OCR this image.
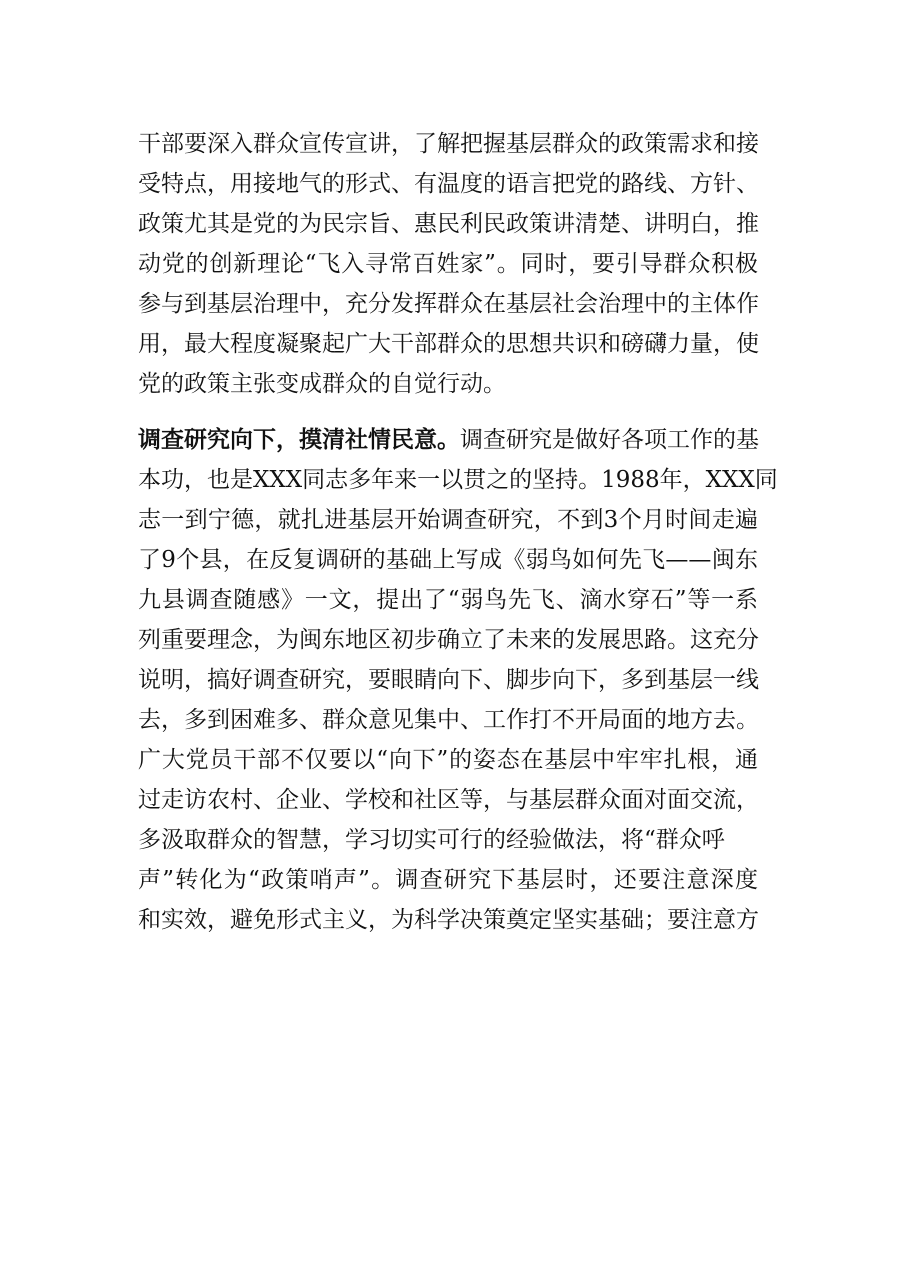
干部要深入群众宣传宣讲，了解把握基层群众的政策需求和接
受特点，用接地气的形式、有温度的语言把党的路线、方针、
政策尤其是党的为民宗旨、惠民利民政策讲清楚、讲明白，推
动党的创新理论“飞入寻常百姓家”。同时，要引导群众积极
参与到基层治理中，充分发挥群众在基层社会治理中的主体作
用，最大程度凝聚起广大干部群众的思想共识和磅礴力量，使
党的政策主张变成群众的自觉行动。
调查研究向下，摸清社情民意。调查研究是做好各项工作的基
本功，也是XXX同志多年来一以贯之的坚持。1988年，XXX同
志一到宁德，就扎进基层开始调查研究，不到3个月时间走遍
了9个县，在反复调研的基础上写成《弱鸟如何先飞——闽东
九县调查随感》一文，提出了“弱鸟先飞、滴水穿石”等一系
列重要理念，为闽东地区初步确立了未来的发展思路。这充分
说明，搞好调查研究，要眼睛向下、脚步向下，多到基层一线
去，多到困难多、群众意见集中、工作打不开局面的地方去。
广大党员干部不仅要以“向下”的姿态在基层中牢牢扎根，通
过走访农村、企业、学校和社区等，与基层群众面对面交流，
多汲取群众的智慧，学习切实可行的经验做法，将“群众呼
声”转化为“政策哨声”。调查研究下基层时，还要注意深度
和实效，避免形式主义，为科学决策奠定坚实基础；要注意方
